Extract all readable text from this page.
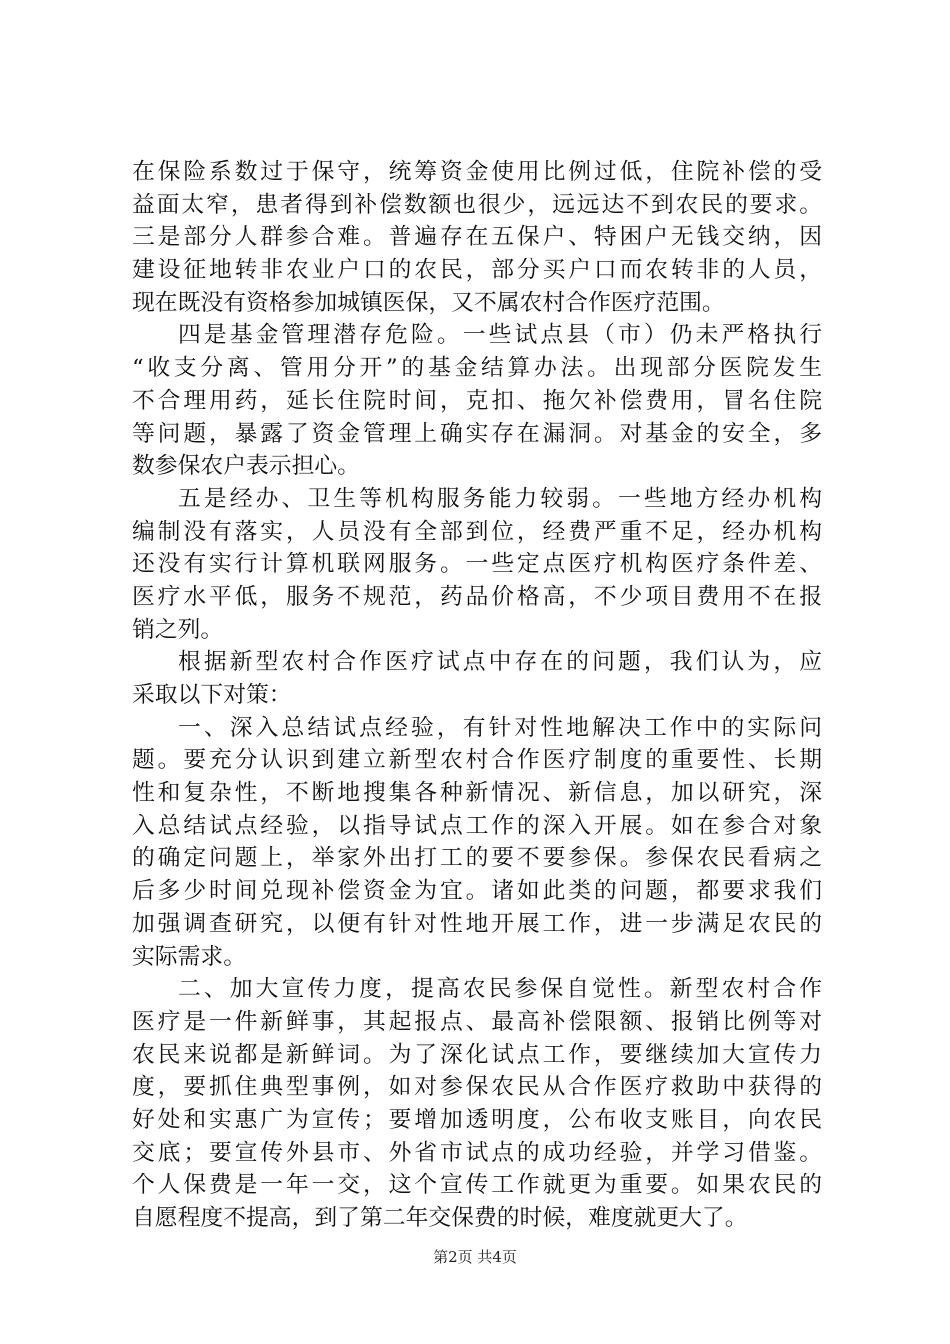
在保险系数过于保守，统筹资金使用比例过低，住院补偿的受
益面太窄，患者得到补偿数额也很少，远远达不到农民的要求。
三是部分人群参合难。普遍存在五保户、特困户无钱交纳，因
建设征地转非农业户口的农民，部分买户口而农转非的人员，
现在既没有资格参加城镇医保，又不属农村合作医疗范围。
四是基金管理潜存危险。一些试点县（市）仍未严格执行
“收支分离、管用分开”的基金结算办法。出现部分医院发生
不合理用药，延长住院时间，克扣、拖欠补偿费用，冒名住院
等问题，暴露了资金管理上确实存在漏洞。对基金的安全，多
数参保农户表示担心。
五是经办、卫生等机构服务能力较弱。一些地方经办机构
编制没有落实，人员没有全部到位，经费严重不足，经办机构
还没有实行计算机联网服务。一些定点医疗机构医疗条件差、
医疗水平低，服务不规范，药品价格高，不少项目费用不在报
销之列。
根据新型农村合作医疗试点中存在的问题，我们认为，应
采取以下对策：
一、深入总结试点经验，有针对性地解决工作中的实际问
题。要充分认识到建立新型农村合作医疗制度的重要性、长期
性和复杂性，不断地搜集各种新情况、新信息，加以研究，深
入总结试点经验，以指导试点工作的深入开展。如在参合对象
的确定问题上，举家外出打工的要不要参保。参保农民看病之
后多少时间兑现补偿资金为宜。诸如此类的问题，都要求我们
加强调查研究，以便有针对性地开展工作，进一步满足农民的
实际需求。
二、加大宣传力度，提高农民参保自觉性。新型农村合作
医疗是一件新鲜事，其起报点、最高补偿限额、报销比例等对
农民来说都是新鲜词。为了深化试点工作，要继续加大宣传力
度，要抓住典型事例，如对参保农民从合作医疗救助中获得的
好处和实惠广为宣传；要增加透明度，公布收支账目，向农民
交底；要宣传外县市、外省市试点的成功经验，并学习借鉴。
个人保费是一年一交，这个宣传工作就更为重要。如果农民的
自愿程度不提高，到了第二年交保费的时候，难度就更大了。
第2页 共4页
